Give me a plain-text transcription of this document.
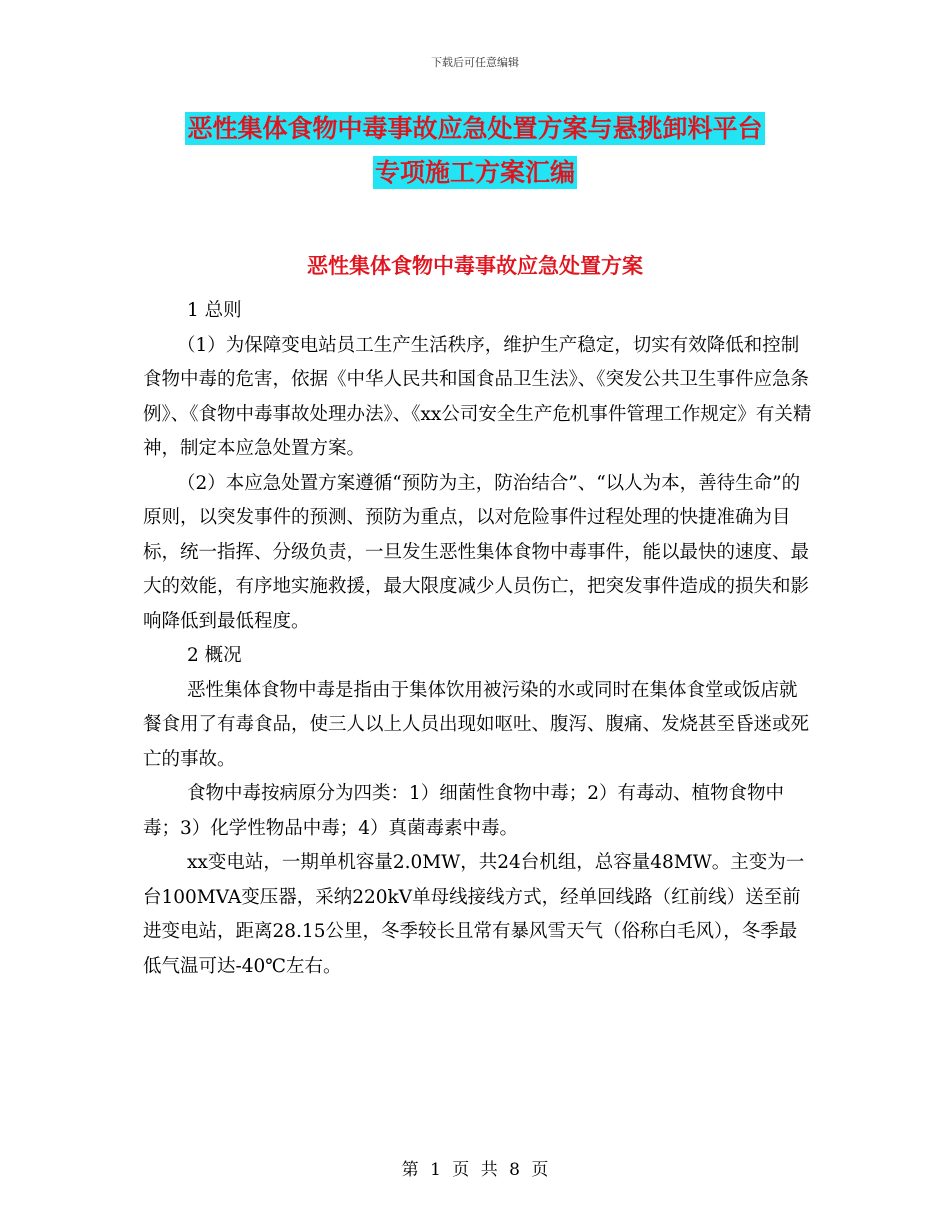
下载后可任意编辑
恶性集体食物中毒事故应急处置方案与悬挑卸料平台
专项施工方案汇编
恶性集体食物中毒事故应急处置方案

1 总则

（1）为保障变电站员工生产生活秩序，维护生产稳定，切实有效降低和控制食物中毒的危害，依据《中华人民共和国食品卫生法》、《突发公共卫生事件应急条例》、《食物中毒事故处理办法》、《xx公司安全生产危机事件管理工作规定》有关精神，制定本应急处置方案。

（2）本应急处置方案遵循“预防为主，防治结合”、“以人为本，善待生命”的原则，以突发事件的预测、预防为重点，以对危险事件过程处理的快捷准确为目标，统一指挥、分级负责，一旦发生恶性集体食物中毒事件，能以最快的速度、最大的效能，有序地实施救援，最大限度减少人员伤亡，把突发事件造成的损失和影响降低到最低程度。

2 概况

恶性集体食物中毒是指由于集体饮用被污染的水或同时在集体食堂或饭店就餐食用了有毒食品，使三人以上人员出现如呕吐、腹泻、腹痛、发烧甚至昏迷或死亡的事故。

食物中毒按病原分为四类：1）细菌性食物中毒；2）有毒动、植物食物中毒；3）化学性物品中毒；4）真菌毒素中毒。

xx变电站，一期单机容量2.0MW，共24台机组，总容量48MW。主变为一台100MVA变压器，采纳220kV单母线接线方式，经单回线路（红前线）送至前进变电站，距离28.15公里，冬季较长且常有暴风雪天气（俗称白毛风），冬季最低气温可达-40℃左右。

第 1 页 共 8 页
